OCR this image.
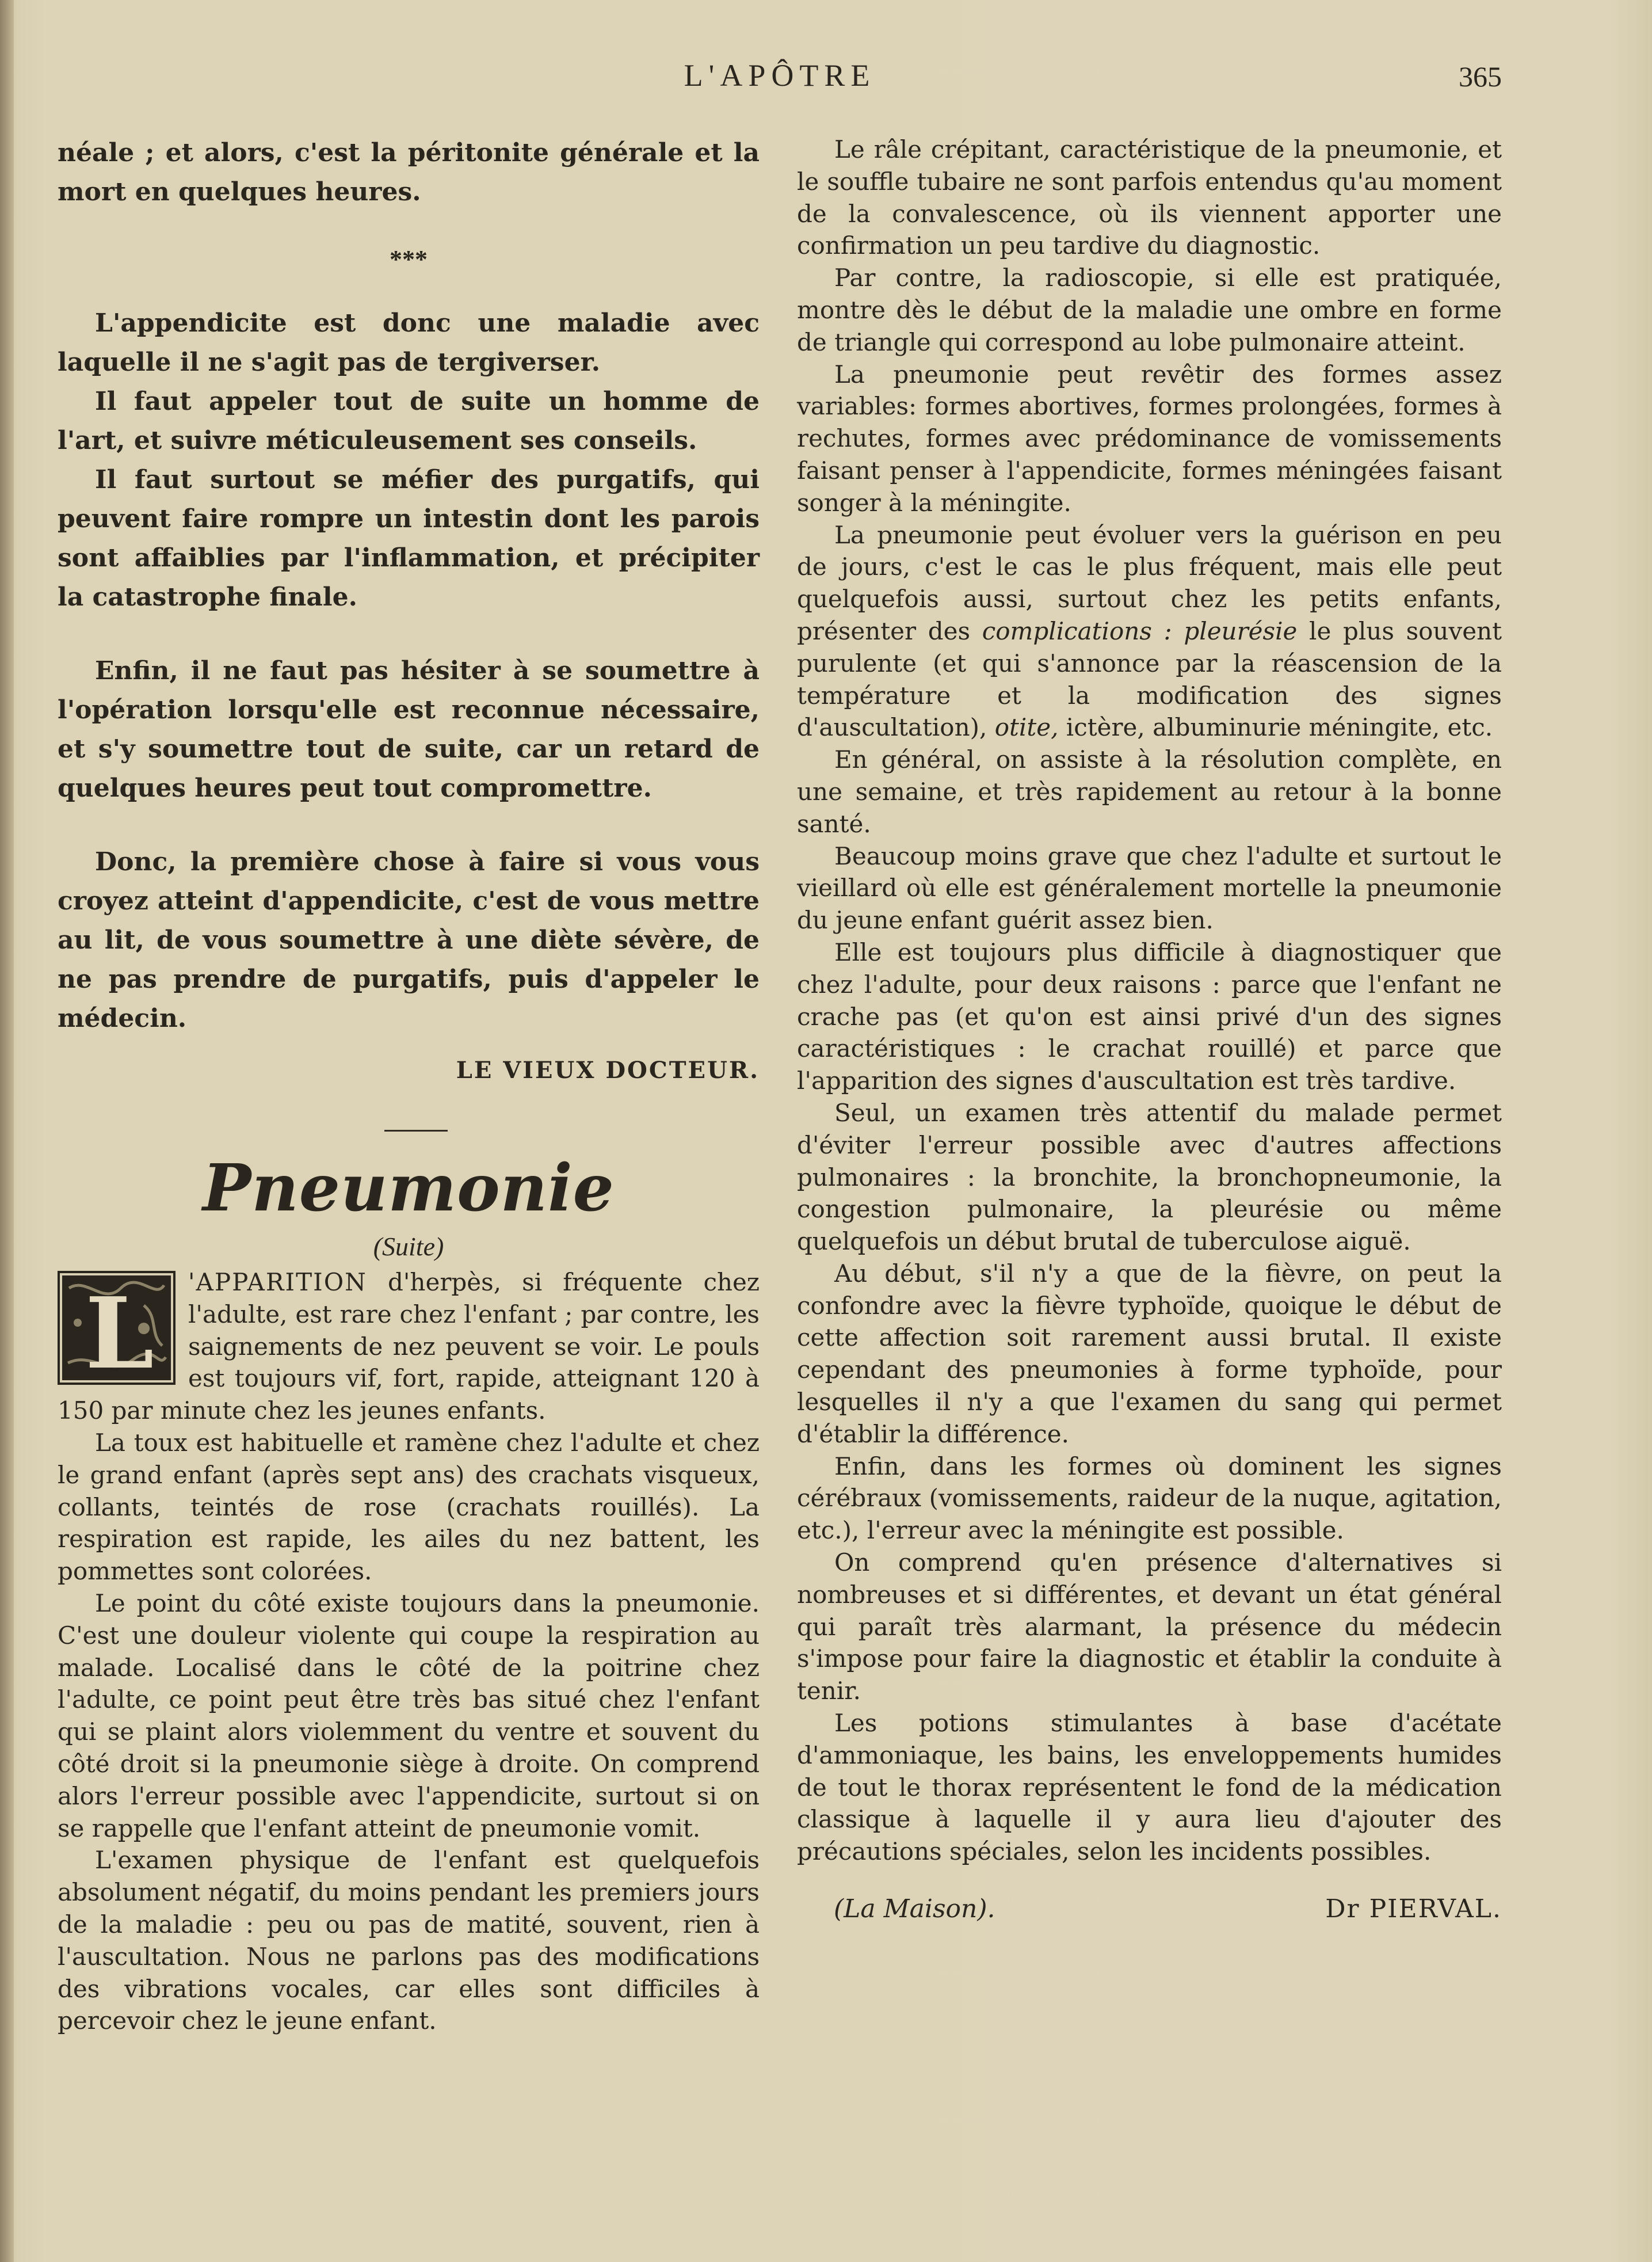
L'APÔTRE	365

néale ; et alors, c'est la péritonite générale et la mort en quelques heures.

***

L'appendicite est donc une maladie avec laquelle il ne s'agit pas de tergiverser.

Il faut appeler tout de suite un homme de l'art, et suivre méticuleusement ses conseils.

Il faut surtout se méfier des purgatifs, qui peuvent faire rompre un intestin dont les parois sont affaiblies par l'inflammation, et précipiter la catastrophe finale.

Enfin, il ne faut pas hésiter à se soumettre à l'opération lorsqu'elle est reconnue nécessaire, et s'y soumettre tout de suite, car un retard de quelques heures peut tout compromettre.

Donc, la première chose à faire si vous vous croyez atteint d'appendicite, c'est de vous mettre au lit, de vous soumettre à une diète sévère, de ne pas prendre de purgatifs, puis d'appeler le médecin.

LE VIEUX DOCTEUR.
Pneumonie
(Suite)

L 'APPARITION d'herpès, si fréquente chez l'adulte, est rare chez l'enfant ; par contre, les saignements de nez peuvent se voir. Le pouls est toujours vif, fort, rapide, atteignant 120 à 150 par minute chez les jeunes enfants.

La toux est habituelle et ramène chez l'adulte et chez le grand enfant (après sept ans) des crachats visqueux, collants, teintés de rose (crachats rouillés). La respiration est rapide, les ailes du nez battent, les pommettes sont colorées.

Le point du côté existe toujours dans la pneumonie. C'est une douleur violente qui coupe la respiration au malade. Localisé dans le côté de la poitrine chez l'adulte, ce point peut être très bas situé chez l'enfant qui se plaint alors violemment du ventre et souvent du côté droit si la pneumonie siège à droite. On comprend alors l'erreur possible avec l'appendicite, surtout si on se rappelle que l'enfant atteint de pneumonie vomit.

L'examen physique de l'enfant est quelquefois absolument négatif, du moins pendant les premiers jours de la maladie : peu ou pas de matité, souvent, rien à l'auscultation. Nous ne parlons pas des modifications des vibrations vocales, car elles sont difficiles à percevoir chez le jeune enfant.

Le râle crépitant, caractéristique de la pneumonie, et le souffle tubaire ne sont parfois entendus qu'au moment de la convalescence, où ils viennent apporter une confirmation un peu tardive du diagnostic.

Par contre, la radioscopie, si elle est pratiquée, montre dès le début de la maladie une ombre en forme de triangle qui correspond au lobe pulmonaire atteint.

La pneumonie peut revêtir des formes assez variables: formes abortives, formes prolongées, formes à rechutes, formes avec prédominance de vomissements faisant penser à l'appendicite, formes méningées faisant songer à la méningite.

La pneumonie peut évoluer vers la guérison en peu de jours, c'est le cas le plus fréquent, mais elle peut quelquefois aussi, surtout chez les petits enfants, présenter des complications : pleurésie le plus souvent purulente (et qui s'annonce par la réascension de la température et la modification des signes d'auscultation), otite, ictère, albuminurie méningite, etc.

En général, on assiste à la résolution complète, en une semaine, et très rapidement au retour à la bonne santé.

Beaucoup moins grave que chez l'adulte et surtout le vieillard où elle est généralement mortelle la pneumonie du jeune enfant guérit assez bien.

Elle est toujours plus difficile à diagnostiquer que chez l'adulte, pour deux raisons : parce que l'enfant ne crache pas (et qu'on est ainsi privé d'un des signes caractéristiques : le crachat rouillé) et parce que l'apparition des signes d'auscultation est très tardive.

Seul, un examen très attentif du malade permet d'éviter l'erreur possible avec d'autres affections pulmonaires : la bronchite, la bronchopneumonie, la congestion pulmonaire, la pleurésie ou même quelquefois un début brutal de tuberculose aiguë.

Au début, s'il n'y a que de la fièvre, on peut la confondre avec la fièvre typhoïde, quoique le début de cette affection soit rarement aussi brutal. Il existe cependant des pneumonies à forme typhoïde, pour lesquelles il n'y a que l'examen du sang qui permet d'établir la différence.

Enfin, dans les formes où dominent les signes cérébraux (vomissements, raideur de la nuque, agitation, etc.), l'erreur avec la méningite est possible.

On comprend qu'en présence d'alternatives si nombreuses et si différentes, et devant un état général qui paraît très alarmant, la présence du médecin s'impose pour faire la diagnostic et établir la conduite à tenir.

Les potions stimulantes à base d'acétate d'ammoniaque, les bains, les enveloppements humides de tout le thorax représentent le fond de la médication classique à laquelle il y aura lieu d'ajouter des précautions spéciales, selon les incidents possibles.

(La Maison).	Dr PIERVAL.
